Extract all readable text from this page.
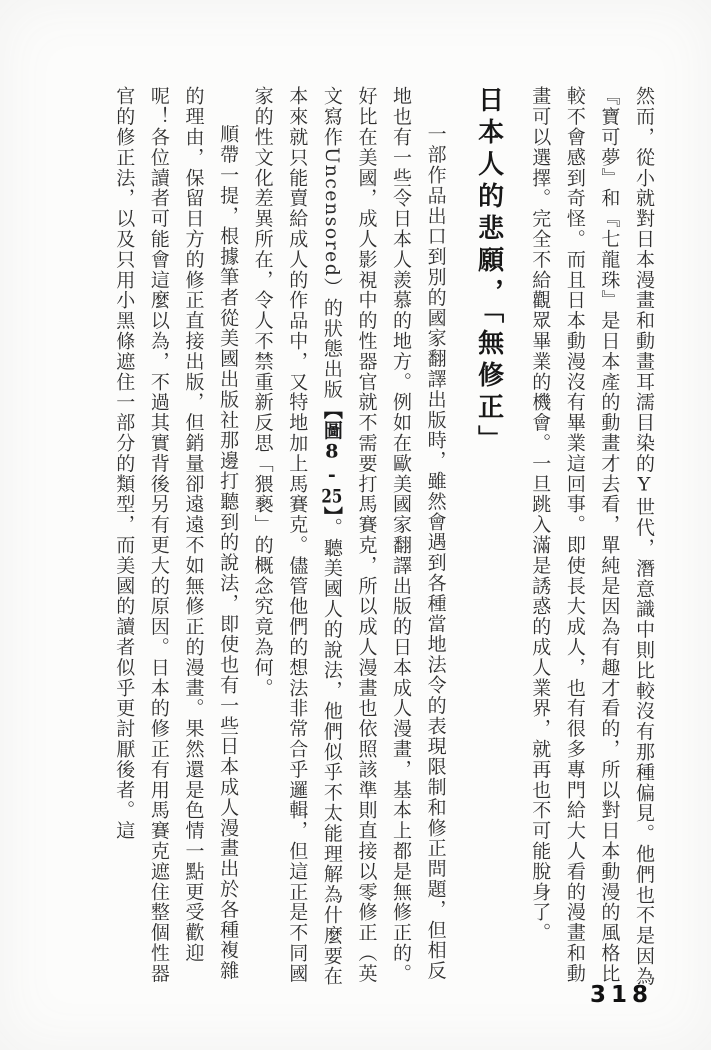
然而，從小就對日本漫畫和動畫耳濡目染的Y世代，潛意識中則比較沒有那種偏見。他們也不是因為『寶可夢』和『七龍珠』是日本產的動畫才去看，單純是因為有趣才看的，所以對日本動漫的風格比較不會感到奇怪。而且日本動漫沒有畢業這回事。即使長大成人，也有很多專門給大人看的漫畫和動畫可以選擇。完全不給觀眾畢業的機會。一旦跳入滿是誘惑的成人業界，就再也不可能脫身了。

日本人的悲願，「無修正」

一部作品出口到別的國家翻譯出版時，雖然會遇到各種當地法令的表現限制和修正問題，但相反地也有一些令日本人羨慕的地方。例如在歐美國家翻譯出版的日本成人漫畫，基本上都是無修正的。好比在美國，成人影視中的性器官就不需要打馬賽克，所以成人漫畫也依照該準則直接以零修正（英文寫作Uncensored）的狀態出版【圖8-25】。聽美國人的說法，他們似乎不太能理解為什麼要在本來就只能賣給成人的作品中，又特地加上馬賽克。儘管他們的想法非常合乎邏輯，但這正是不同國家的性文化差異所在，令人不禁重新反思「猥褻」的概念究竟為何。

順帶一提，根據筆者從美國出版社那邊打聽到的說法，即使也有一些日本成人漫畫出於各種複雜的理由，保留日方的修正直接出版，但銷量卻遠遠不如無修正的漫畫。果然還是色情一點更受歡迎呢！各位讀者可能會這麼以為，不過其實背後另有更大的原因。日本的修正有用馬賽克遮住整個性器官的修正法，以及只用小黑條遮住一部分的類型，而美國的讀者似乎更討厭後者。這

318
